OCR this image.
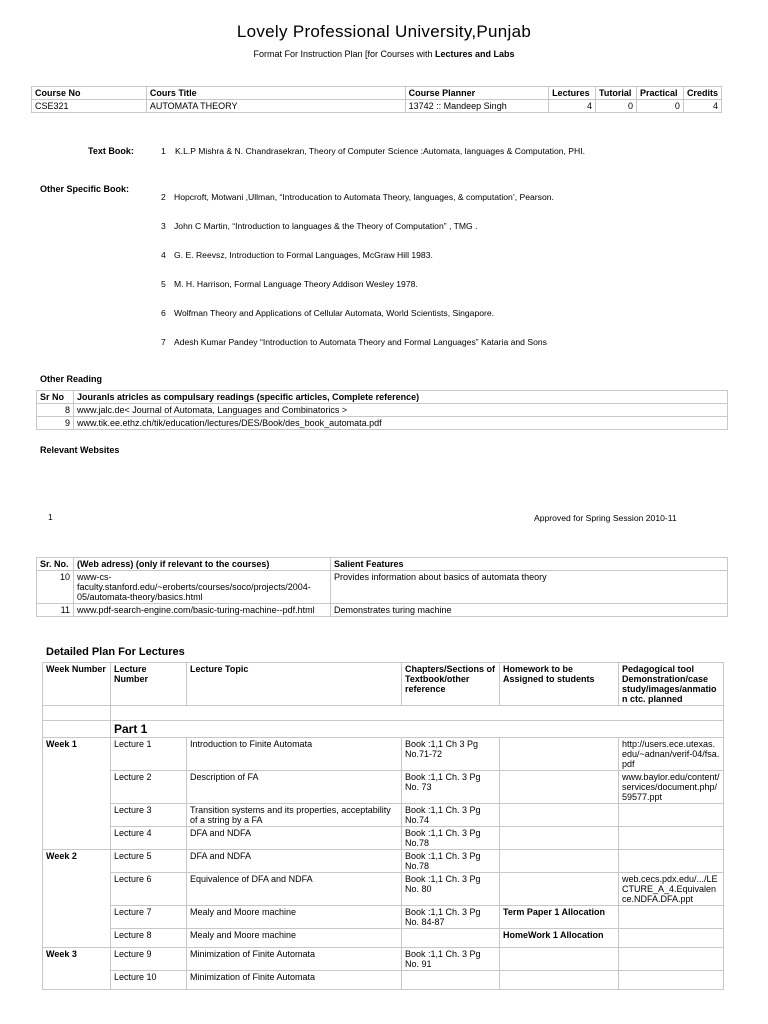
Lovely Professional University,Punjab
Format For Instruction Plan [for Courses with Lectures and Labs
Course No	Cours Title	Course Planner	Lectures	Tutorial	Practical	Credits
CSE321	AUTOMATA THEORY	13742 :: Mandeep Singh	4	0	0	4
Text Book:	1 K.L.P Mishra & N. Chandrasekran, Theory of Computer Science :Automata, languages & Computation, PHI.
Other Specific Book:
2 Hopcroft, Motwani ,Ullman, “Introducation to Automata Theory, languages, & computation’, Pearson.
3 John C Martin, “Introduction to languages & the Theory of Computation” , TMG .
4 G. E. Reevsz, Introduction to Formal Languages, McGraw Hill 1983.
5 M. H. Harrison, Formal Language Theory Addison Wesley 1978.
6 Wolfman Theory and Applications of Cellular Automata, World Scientists, Singapore.
7 Adesh Kumar Pandey “Introduction to Automata Theory and Formal Languages” Kataria and Sons
Other Reading
Sr No	Jouranls atricles as compulsary readings (specific articles, Complete reference)
8	www.jalc.de< Journal of Automata, Languages and Combinatorics >
9	www.tik.ee.ethz.ch/tik/education/lectures/DES/Book/des_book_automata.pdf
Relevant Websites
1	Approved for Spring Session 2010-11
Sr. No.	(Web adress) (only if relevant to the courses)	Salient Features
10	www-cs-faculty.stanford.edu/~eroberts/courses/soco/projects/2004-05/automata-theory/basics.html	Provides information about basics of automata theory
11	www.pdf-search-engine.com/basic-turing-machine--pdf.html	Demonstrates turing machine
Detailed Plan For Lectures
Week Number	Lecture Number	Lecture Topic	Chapters/Sections of Textbook/other reference	Homework to be Assigned to students	Pedagogical tool Demonstration/case study/images/anmatio n ctc. planned

	Part 1				
Week 1	Lecture 1	Introduction to Finite Automata	Book :1,1 Ch 3 Pg No.71-72		http://users.ece.utexas.edu/~adnan/verif-04/fsa.pdf
	Lecture 2	Description of FA	Book :1,1 Ch. 3 Pg No. 73		www.baylor.edu/content/services/document.php/59577.ppt
	Lecture 3	Transition systems and its properties, acceptability of a string by a FA	Book :1,1 Ch. 3 Pg No.74		
	Lecture 4	DFA and NDFA	Book :1,1 Ch. 3 Pg No.78		
Week 2	Lecture 5	DFA and NDFA	Book :1,1 Ch. 3 Pg No.78		
	Lecture 6	Equivalence of DFA and NDFA	Book :1,1 Ch. 3 Pg No. 80		web.cecs.pdx.edu/.../LECTURE_A_4.Equivalence.NDFA.DFA.ppt
	Lecture 7	Mealy and Moore machine	Book :1,1 Ch. 3 Pg No. 84-87	Term Paper 1 Allocation	
	Lecture 8	Mealy and Moore machine		HomeWork 1 Allocation	
Week 3	Lecture 9	Minimization of Finite Automata	Book :1,1 Ch. 3 Pg No. 91		
	Lecture 10	Minimization of Finite Automata			
